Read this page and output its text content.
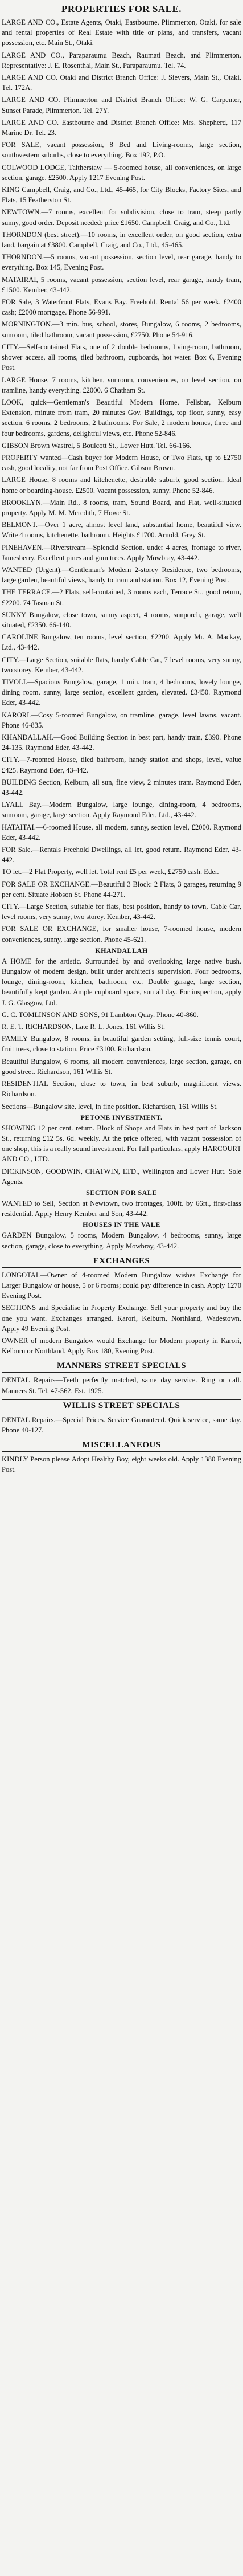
PROPERTIES FOR SALE.

LARGE AND CO., Estate Agents, Otaki, Eastbourne, Plimmerton, Otaki, for sale and rental properties of Real Estate with title or plans, and transfers, vacant possession, etc. Main St., Otaki.

LARGE AND CO., Paraparaumu Beach, Raumati Beach, and Plimmerton. Representative: J. E. Rosenthal, Main St., Paraparaumu. Tel. 74.

LARGE AND CO. Otaki and District Branch Office: J. Sievers, Main St., Otaki. Tel. 172A.

LARGE AND CO. Plimmerton and District Branch Office: W. G. Carpenter, Sunset Parade, Plimmerton. Tel. 27Y.

LARGE AND CO. Eastbourne and District Branch Office: Mrs. Shepherd, 117 Marine Dr. Tel. 23.

FOR SALE, vacant possession, 8 Bed and Living-rooms, large section, southwestern suburbs, close to everything. Box 192, P.O.

COLWOOD LODGE, Taitherstaw — 5-roomed house, all conveniences, on large section, garage. £2500. Apply 1217 Evening Post.

KING Campbell, Craig, and Co., Ltd., 45-465, for City Blocks, Factory Sites, and Flats, 15 Featherston St.

NEWTOWN.—7 rooms, excellent for subdivision, close to tram, steep partly sunny, good order. Deposit needed: price £1650. Campbell, Craig, and Co., Ltd.

THORNDON (best street).—10 rooms, in excellent order, on good section, extra land, bargain at £3800. Campbell, Craig, and Co., Ltd., 45-465.

THORNDON.—5 rooms, vacant possession, section level, rear garage, handy to everything. Box 145, Evening Post.

MATAIRAI, 5 rooms, vacant possession, section level, rear garage, handy tram, £1500. Kember, 43-442.

FOR Sale, 3 Waterfront Flats, Evans Bay. Freehold. Rental 56 per week. £2400 cash; £2000 mortgage. Phone 56-991.

MORNINGTON.—3 min. bus, school, stores, Bungalow, 6 rooms, 2 bedrooms, sunroom, tiled bathroom, vacant possession, £2750. Phone 54-916.

CITY.—Self-contained Flats, one of 2 double bedrooms, living-room, bathroom, shower access, all rooms, tiled bathroom, cupboards, hot water. Box 6, Evening Post.

LARGE House, 7 rooms, kitchen, sunroom, conveniences, on level section, on tramline, handy everything. £2000. 6 Chatham St.

LOOK, quick—Gentleman's Beautiful Modern Home, Fellsbar, Kelburn Extension, minute from tram, 20 minutes Gov. Buildings, top floor, sunny, easy section. 6 rooms, 2 bedrooms, 2 bathrooms. For Sale, 2 modern homes, three and four bedrooms, gardens, delightful views, etc. Phone 52-846.

GIBSON Brown Wastrel, 5 Boulcott St., Lower Hutt. Tel. 66-166.

PROPERTY wanted—Cash buyer for Modern House, or Two Flats, up to £2750 cash, good locality, not far from Post Office. Gibson Brown.

LARGE House, 8 rooms and kitchenette, desirable suburb, good section. Ideal home or boarding-house. £2500. Vacant possession, sunny. Phone 52-846.

BROOKLYN.—Main Rd., 8 rooms, tram, Sound Board, and Flat, well-situated property. Apply M. M. Meredith, 7 Howe St.

BELMONT.—Over 1 acre, almost level land, substantial home, beautiful view. Write 4 rooms, kitchenette, bathroom. Heights £1700. Arnold, Grey St.

PINEHAVEN.—Riverstream—Splendid Section, under 4 acres, frontage to river, Jamesberry. Excellent pines and gum trees. Apply Mowbray, 43-442.

WANTED (Urgent).—Gentleman's Modern 2-storey Residence, two bedrooms, large garden, beautiful views, handy to tram and station. Box 12, Evening Post.

THE TERRACE.—2 Flats, self-contained, 3 rooms each, Terrace St., good return, £2200. 74 Tasman St.

SUNNY Bungalow, close town, sunny aspect, 4 rooms, sunporch, garage, well situated, £2350. 66-140.

CAROLINE Bungalow, ten rooms, level section, £2200. Apply Mr. A. Mackay, Ltd., 43-442.

CITY.—Large Section, suitable flats, handy Cable Car, 7 level rooms, very sunny, two storey. Kember, 43-442.

TIVOLI.—Spacious Bungalow, garage, 1 min. tram, 4 bedrooms, lovely lounge, dining room, sunny, large section, excellent garden, elevated. £3450. Raymond Eder, 43-442.

KARORI.—Cosy 5-roomed Bungalow, on tramline, garage, level lawns, vacant. Phone 46-835.

KHANDALLAH.—Good Building Section in best part, handy train, £390. Phone 24-135. Raymond Eder, 43-442.

CITY.—7-roomed House, tiled bathroom, handy station and shops, level, value £425. Raymond Eder, 43-442.

BUILDING Section, Kelburn, all sun, fine view, 2 minutes tram. Raymond Eder, 43-442.

LYALL Bay.—Modern Bungalow, large lounge, dining-room, 4 bedrooms, sunroom, garage, large section. Apply Raymond Eder, Ltd., 43-442.

HATAITAI.—6-roomed House, all modern, sunny, section level, £2000. Raymond Eder, 43-442.

FOR Sale.—Rentals Freehold Dwellings, all let, good return. Raymond Eder, 43-442.

TO let.—2 Flat Property, well let. Total rent £5 per week, £2750 cash. Eder.

FOR SALE OR EXCHANGE.—Beautiful 3 Block: 2 Flats, 3 garages, returning 9 per cent. Situate Hobson St. Phone 44-271.

CITY.—Large Section, suitable for flats, best position, handy to town, Cable Car, level rooms, very sunny, two storey. Kember, 43-442.

FOR SALE OR EXCHANGE, for smaller house, 7-roomed house, modern conveniences, sunny, large section. Phone 45-621.

KHANDALLAH

A HOME for the artistic. Surrounded by and overlooking large native bush. Bungalow of modern design, built under architect's supervision. Four bedrooms, lounge, dining-room, kitchen, bathroom, etc. Double garage, large section, beautifully kept garden. Ample cupboard space, sun all day. For inspection, apply J. G. Glasgow, Ltd.

G. C. TOMLINSON AND SONS, 91 Lambton Quay. Phone 40-860.

R. E. T. RICHARDSON, Late R. L. Jones, 161 Willis St.

FAMILY Bungalow, 8 rooms, in beautiful garden setting, full-size tennis court, fruit trees, close to station. Price £3100. Richardson.

Beautiful Bungalow, 6 rooms, all modern conveniences, large section, garage, on good street. Richardson, 161 Willis St.

RESIDENTIAL Section, close to town, in best suburb, magnificent views. Richardson.

Sections—Bungalow site, level, in fine position. Richardson, 161 Willis St.

PETONE INVESTMENT.

SHOWING 12 per cent. return. Block of Shops and Flats in best part of Jackson St., returning £12 5s. 6d. weekly. At the price offered, with vacant possession of one shop, this is a really sound investment. For full particulars, apply HARCOURT AND CO., LTD.

DICKINSON, GOODWIN, CHATWIN, LTD., Wellington and Lower Hutt. Sole Agents.

SECTION FOR SALE

WANTED to Sell, Section at Newtown, two frontages, 100ft. by 66ft., first-class residential. Apply Henry Kember and Son, 43-442.

HOUSES IN THE VALE

GARDEN Bungalow, 5 rooms, Modern Bungalow, 4 bedrooms, sunny, large section, garage, close to everything. Apply Mowbray, 43-442.

EXCHANGES

LONGOTAI.—Owner of 4-roomed Modern Bungalow wishes Exchange for Larger Bungalow or house, 5 or 6 rooms; could pay difference in cash. Apply 1270 Evening Post.

SECTIONS and Specialise in Property Exchange. Sell your property and buy the one you want. Exchanges arranged. Karori, Kelburn, Northland, Wadestown. Apply 49 Evening Post.

OWNER of modern Bungalow would Exchange for Modern property in Karori, Kelburn or Northland. Apply Box 180, Evening Post.

MANNERS STREET SPECIALS

DENTAL Repairs—Teeth perfectly matched, same day service. Ring or call. Manners St. Tel. 47-562. Est. 1925.

WILLIS STREET SPECIALS

DENTAL Repairs.—Special Prices. Service Guaranteed. Quick service, same day. Phone 40-127.

MISCELLANEOUS

KINDLY Person please Adopt Healthy Boy, eight weeks old. Apply 1380 Evening Post.
